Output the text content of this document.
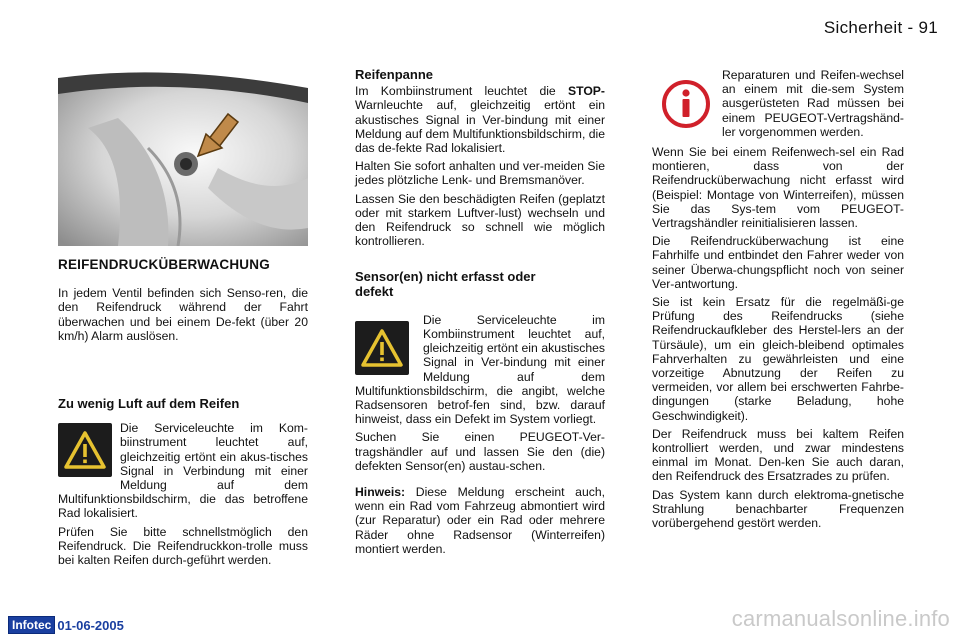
Sicherheit - 91

REIFENDRUCKÜBERWACHUNG

In jedem Ventil befinden sich Senso-ren, die den Reifendruck während der Fahrt überwachen und bei einem De-fekt (über 20 km/h) Alarm auslösen.

Zu wenig Luft auf dem Reifen

Die Serviceleuchte im Kom-biinstrument leuchtet auf, gleichzeitig ertönt ein akus-tisches Signal in Verbindung mit einer Meldung auf dem Multifunktionsbildschirm, die das betroffene Rad lokalisiert.

Prüfen Sie bitte schnellstmöglich den Reifendruck. Die Reifendruckkon-trolle muss bei kalten Reifen durch-geführt werden.

Reifenpanne

Im Kombiinstrument leuchtet die STOP-Warnleuchte auf, gleichzeitig ertönt ein akustisches Signal in Ver-bindung mit einer Meldung auf dem Multifunktionsbildschirm, die das de-fekte Rad lokalisiert.

Halten Sie sofort anhalten und ver-meiden Sie jedes plötzliche Lenk- und Bremsmanöver.

Lassen Sie den beschädigten Reifen (geplatzt oder mit starkem Luftver-lust) wechseln und den Reifendruck so schnell wie möglich kontrollieren.

Sensor(en) nicht erfasst oder defekt

Die Serviceleuchte im Kombiinstrument leuchtet auf, gleichzeitig ertönt ein akustisches Signal in Ver-bindung mit einer Meldung auf dem Multifunktionsbildschirm, die angibt, welche Radsensoren betrof-fen sind, bzw. darauf hinweist, dass ein Defekt im System vorliegt.

Suchen Sie einen PEUGEOT-Ver-tragshändler auf und lassen Sie den (die) defekten Sensor(en) austau-schen.

Hinweis: Diese Meldung erscheint auch, wenn ein Rad vom Fahrzeug abmontiert wird (zur Reparatur) oder ein Rad oder mehrere Räder ohne Radsensor (Winterreifen) montiert werden.

Reparaturen und Reifen-wechsel an einem mit die-sem System ausgerüsteten Rad müssen bei einem PEUGEOT-Vertragshänd-ler vorgenommen werden.

Wenn Sie bei einem Reifenwech-sel ein Rad montieren, dass von der Reifendrucküberwachung nicht erfasst wird (Beispiel: Montage von Winterreifen), müssen Sie das Sys-tem vom PEUGEOT-Vertragshändler reinitialisieren lassen.

Die Reifendrucküberwachung ist eine Fahrhilfe und entbindet den Fahrer weder von seiner Überwa-chungspflicht noch von seiner Ver-antwortung.

Sie ist kein Ersatz für die regelmäßi-ge Prüfung des Reifendrucks (siehe Reifendruckaufkleber des Herstel-lers an der Türsäule), um ein gleich-bleibend optimales Fahrverhalten zu gewährleisten und eine vorzeitige Abnutzung der Reifen zu vermeiden, vor allem bei erschwerten Fahrbe-dingungen (starke Beladung, hohe Geschwindigkeit).

Der Reifendruck muss bei kaltem Reifen kontrolliert werden, und zwar mindestens einmal im Monat. Den-ken Sie auch daran, den Reifendruck des Ersatzrades zu prüfen.

Das System kann durch elektroma-gnetische Strahlung benachbarter Frequenzen vorübergehend gestört werden.

Infotec 01-06-2005	carmanualsonline.info
